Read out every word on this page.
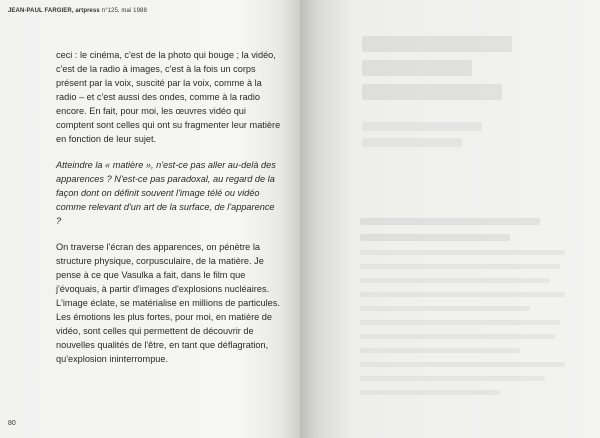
JEAN-PAUL FARGIER, artpress n°125, mai 1988

ceci : le cinéma, c'est de la photo qui bouge ; la vidéo, c'est de la radio à images, c'est à la fois un corps présent par la voix, suscité par la voix, comme à la radio – et c'est aussi des ondes, comme à la radio encore. En fait, pour moi, les œuvres vidéo qui comptent sont celles qui ont su fragmenter leur matière en fonction de leur sujet.

Atteindre la « matière », n'est-ce pas aller au-delà des apparences ? N'est-ce pas paradoxal, au regard de la façon dont on définit souvent l'image télé ou vidéo comme relevant d'un art de la surface, de l'apparence ?

On traverse l'écran des apparences, on pénètre la structure physique, corpusculaire, de la matière. Je pense à ce que Vasulka a fait, dans le film que j'évoquais, à partir d'images d'explosions nucléaires. L'image éclate, se matérialise en millions de particules. Les émotions les plus fortes, pour moi, en matière de vidéo, sont celles qui permettent de découvrir de nouvelles qualités de l'être, en tant que déflagration, qu'explosion ininterrompue.

80
